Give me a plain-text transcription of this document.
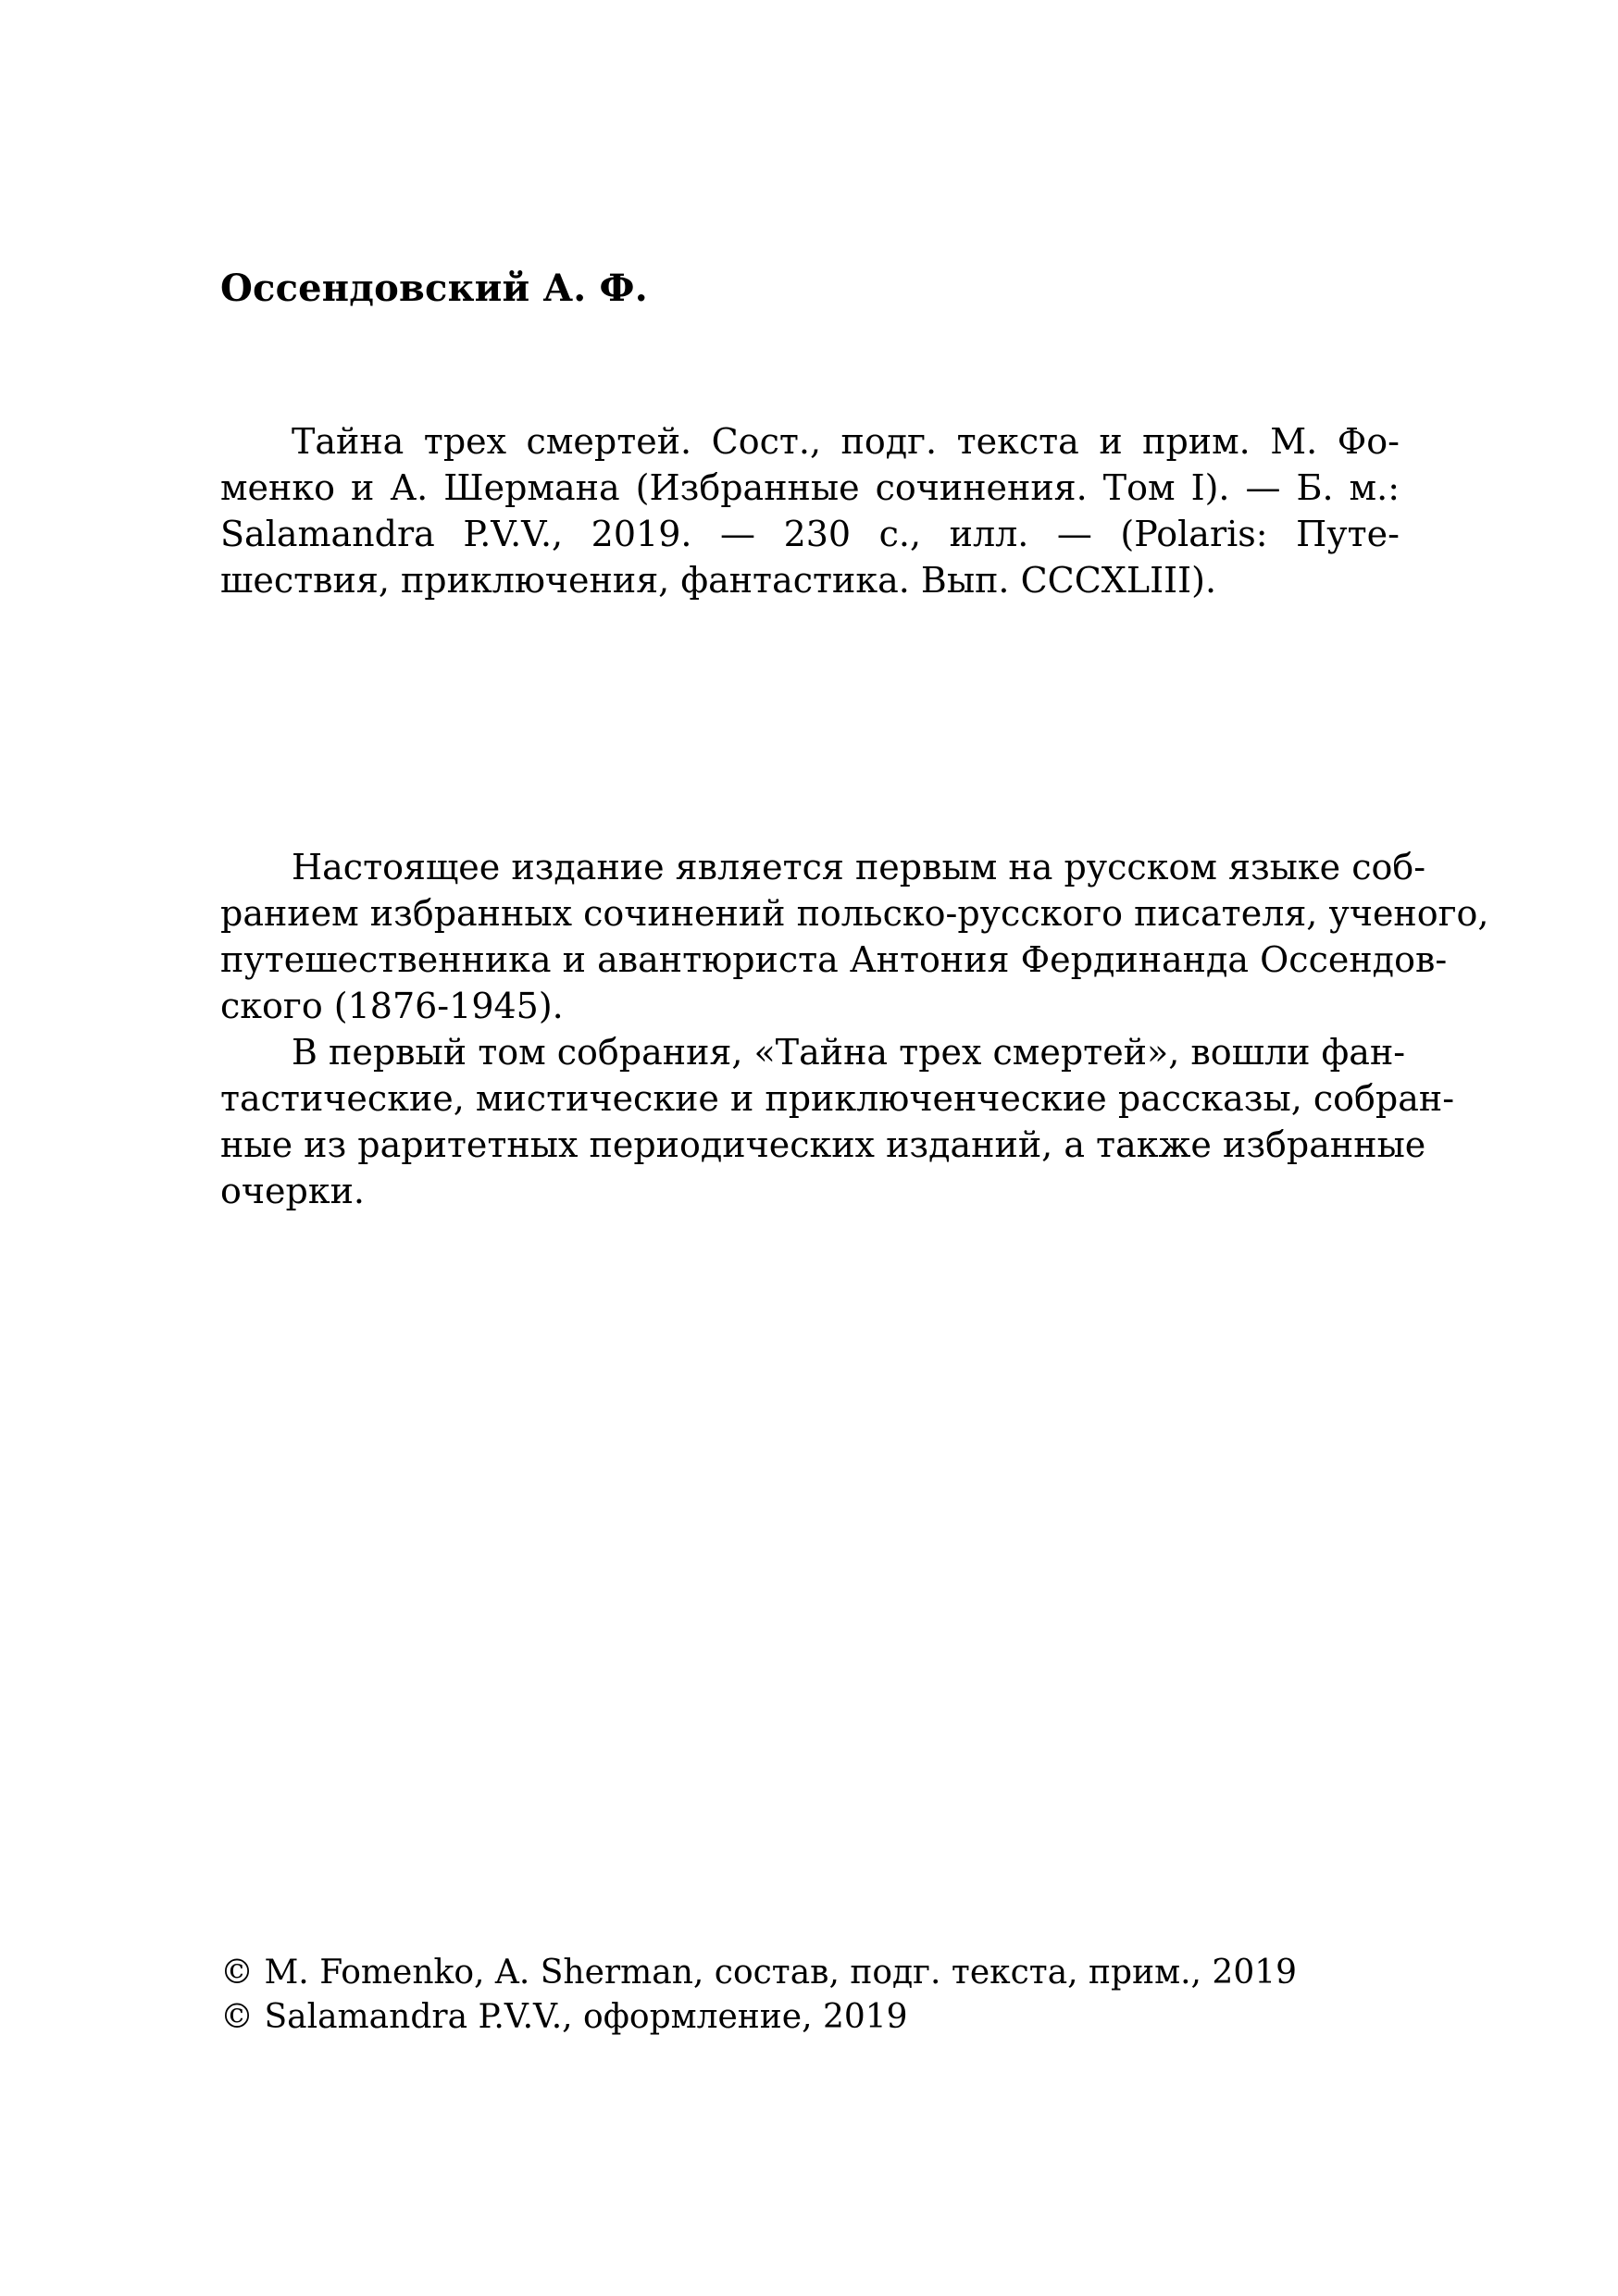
Оссендовский А. Ф.
Тайна трех смертей. Сост., подг. текста и прим. М. Фо-
менко и А. Шермана (Избранные сочинения. Том I). — Б. м.:
Salamandra P.V.V., 2019. — 230 с., илл. — (Polaris: Путе-
шествия, приключения, фантастика. Вып. CCCXLIII).
Настоящее издание является первым на русском языке соб-
ранием избранных сочинений польско-русского писателя, ученого,
путешественника и авантюриста Антония Фердинанда Оссендов-
ского (1876-1945).
В первый том собрания, «Тайна трех смертей», вошли фан-
тастические, мистические и приключенческие рассказы, собран-
ные из раритетных периодических изданий, а также избранные
очерки.
© M. Fomenko, A. Sherman, состав, подг. текста, прим., 2019
© Salamandra P.V.V., оформление, 2019
